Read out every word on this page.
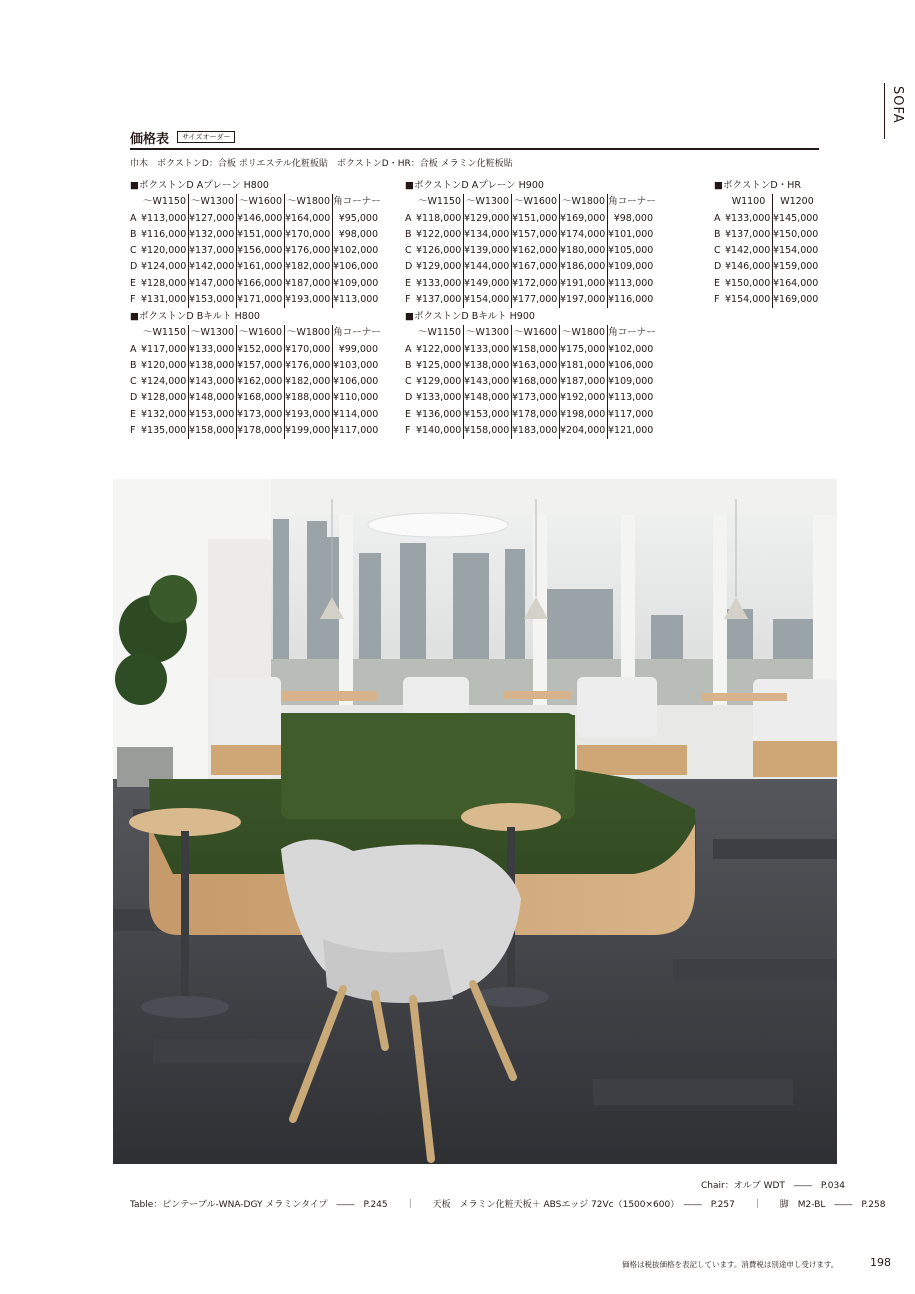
SOFA
価格表	サイズオーダー
巾木　ボクストンD：合板 ポリエステル化粧板貼　ボクストンD・HR：合板 メラミン化粧板貼
■ボクストンD Aプレーン H800
～W1150 ～W1300 ～W1600 ～W1800 角コーナー
A ¥113,000 ¥127,000 ¥146,000 ¥164,000 ¥95,000
B ¥116,000 ¥132,000 ¥151,000 ¥170,000 ¥98,000
C ¥120,000 ¥137,000 ¥156,000 ¥176,000 ¥102,000
D ¥124,000 ¥142,000 ¥161,000 ¥182,000 ¥106,000
E ¥128,000 ¥147,000 ¥166,000 ¥187,000 ¥109,000
F ¥131,000 ¥153,000 ¥171,000 ¥193,000 ¥113,000
■ボクストンD Aプレーン H900
～W1150 ～W1300 ～W1600 ～W1800 角コーナー
A ¥118,000 ¥129,000 ¥151,000 ¥169,000 ¥98,000
B ¥122,000 ¥134,000 ¥157,000 ¥174,000 ¥101,000
C ¥126,000 ¥139,000 ¥162,000 ¥180,000 ¥105,000
D ¥129,000 ¥144,000 ¥167,000 ¥186,000 ¥109,000
E ¥133,000 ¥149,000 ¥172,000 ¥191,000 ¥113,000
F ¥137,000 ¥154,000 ¥177,000 ¥197,000 ¥116,000
■ボクストンD・HR
W1100	W1200
A ¥133,000 ¥145,000
B ¥137,000 ¥150,000
C ¥142,000 ¥154,000
D ¥146,000 ¥159,000
E ¥150,000 ¥164,000
F ¥154,000 ¥169,000
■ボクストンD Bキルト H800
～W1150 ～W1300 ～W1600 ～W1800 角コーナー
A ¥117,000 ¥133,000 ¥152,000 ¥170,000 ¥99,000
B ¥120,000 ¥138,000 ¥157,000 ¥176,000 ¥103,000
C ¥124,000 ¥143,000 ¥162,000 ¥182,000 ¥106,000
D ¥128,000 ¥148,000 ¥168,000 ¥188,000 ¥110,000
E ¥132,000 ¥153,000 ¥173,000 ¥193,000 ¥114,000
F ¥135,000 ¥158,000 ¥178,000 ¥199,000 ¥117,000
■ボクストンD Bキルト H900
～W1150 ～W1300 ～W1600 ～W1800 角コーナー
A ¥122,000 ¥133,000 ¥158,000 ¥175,000 ¥102,000
B ¥125,000 ¥138,000 ¥163,000 ¥181,000 ¥106,000
C ¥129,000 ¥143,000 ¥168,000 ¥187,000 ¥109,000
D ¥133,000 ¥148,000 ¥173,000 ¥192,000 ¥113,000
E ¥136,000 ¥153,000 ¥178,000 ¥198,000 ¥117,000
F ¥140,000 ¥158,000 ¥183,000 ¥204,000 ¥121,000
Chair：オルブ WDT　――　P.034
Table：ピンテーブル-WNA-DGY メラミンタイプ　――　P.245　　｜　　天板　メラミン化粧天板＋ ABSエッジ 72Vc（1500×600）　――　P.257　　｜　　脚　M2-BL　――　P.258
価格は税抜価格を表記しています。消費税は別途申し受けます。	198
